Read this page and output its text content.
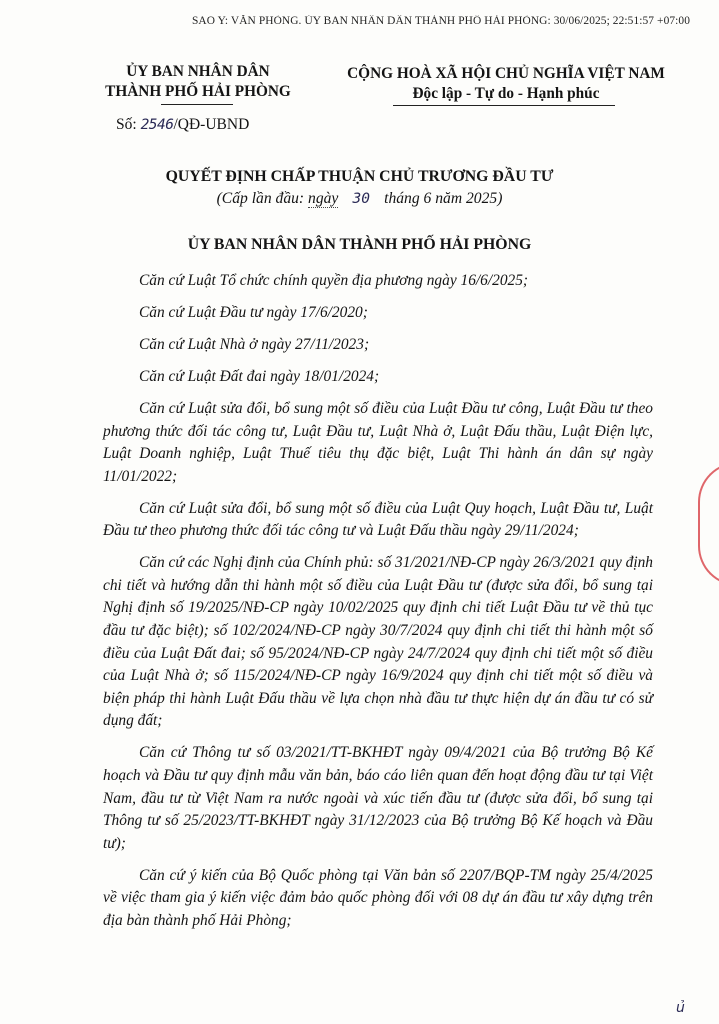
SAO Y: VĂN PHÒNG. ỦY BAN NHÂN DÂN THÀNH PHỐ HẢI PHÒNG: 30/06/2025; 22:51:57 +07:00
ỦY BAN NHÂN DÂN
THÀNH PHỐ HẢI PHÒNG
CỘNG HOÀ XÃ HỘI CHỦ NGHĨA VIỆT NAM
Độc lập - Tự do - Hạnh phúc
Số: 2546/QĐ-UBND
QUYẾT ĐỊNH CHẤP THUẬN CHỦ TRƯƠNG ĐẦU TƯ
(Cấp lần đầu: ngày 30 tháng 6 năm 2025)
ỦY BAN NHÂN DÂN THÀNH PHỐ HẢI PHÒNG

Căn cứ Luật Tổ chức chính quyền địa phương ngày 16/6/2025;

Căn cứ Luật Đầu tư ngày 17/6/2020;

Căn cứ Luật Nhà ở ngày 27/11/2023;

Căn cứ Luật Đất đai ngày 18/01/2024;

Căn cứ Luật sửa đổi, bổ sung một số điều của Luật Đầu tư công, Luật Đầu tư theo phương thức đối tác công tư, Luật Đầu tư, Luật Nhà ở, Luật Đấu thầu, Luật Điện lực, Luật Doanh nghiệp, Luật Thuế tiêu thụ đặc biệt, Luật Thi hành án dân sự ngày 11/01/2022;

Căn cứ Luật sửa đổi, bổ sung một số điều của Luật Quy hoạch, Luật Đầu tư, Luật Đầu tư theo phương thức đối tác công tư và Luật Đấu thầu ngày 29/11/2024;

Căn cứ các Nghị định của Chính phủ: số 31/2021/NĐ-CP ngày 26/3/2021 quy định chi tiết và hướng dẫn thi hành một số điều của Luật Đầu tư (được sửa đổi, bổ sung tại Nghị định số 19/2025/NĐ-CP ngày 10/02/2025 quy định chi tiết Luật Đầu tư về thủ tục đầu tư đặc biệt); số 102/2024/NĐ-CP ngày 30/7/2024 quy định chi tiết thi hành một số điều của Luật Đất đai; số 95/2024/NĐ-CP ngày 24/7/2024 quy định chi tiết một số điều của Luật Nhà ở; số 115/2024/NĐ-CP ngày 16/9/2024 quy định chi tiết một số điều và biện pháp thi hành Luật Đấu thầu về lựa chọn nhà đầu tư thực hiện dự án đầu tư có sử dụng đất;

Căn cứ Thông tư số 03/2021/TT-BKHĐT ngày 09/4/2021 của Bộ trưởng Bộ Kế hoạch và Đầu tư quy định mẫu văn bản, báo cáo liên quan đến hoạt động đầu tư tại Việt Nam, đầu tư từ Việt Nam ra nước ngoài và xúc tiến đầu tư (được sửa đổi, bổ sung tại Thông tư số 25/2023/TT-BKHĐT ngày 31/12/2023 của Bộ trưởng Bộ Kế hoạch và Đầu tư);

Căn cứ ý kiến của Bộ Quốc phòng tại Văn bản số 2207/BQP-TM ngày 25/4/2025 về việc tham gia ý kiến việc đảm bảo quốc phòng đối với 08 dự án đầu tư xây dựng trên địa bàn thành phố Hải Phòng;

ủ
